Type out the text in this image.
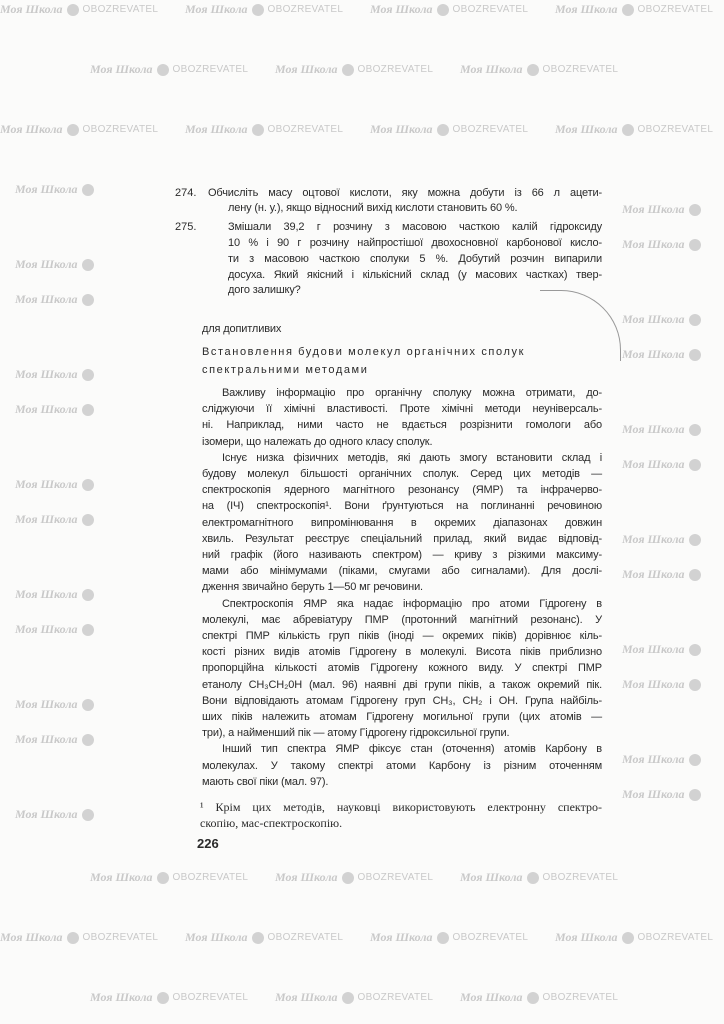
Моя Школа OBOZREVATEL Моя Школа OBOZREVATEL Моя Школа OBOZREVATEL Моя Школа OBOZREVATEL
Моя Школа OBOZREVATEL Моя Школа OBOZREVATEL Моя Школа OBOZREVATEL
Моя Школа OBOZREVATEL Моя Школа OBOZREVATEL Моя Школа OBOZREVATEL Моя Школа OBOZREVATEL
Моя Школа OBOZREVATEL Моя Школа OBOZREVATEL Моя Школа OBOZREVATEL
Моя Школа OBOZREVATEL Моя Школа OBOZREVATEL Моя Школа OBOZREVATEL Моя Школа OBOZREVATEL
Моя Школа OBOZREVATEL Моя Школа OBOZREVATEL Моя Школа OBOZREVATEL
Моя Школа
Моя Школа
Моя Школа
Моя Школа
Моя Школа
Моя Школа
Моя Школа
Моя Школа
Моя Школа
Моя Школа
Моя Школа
Моя Школа
Моя Школа
Моя Школа
Моя Школа
Моя Школа
Моя Школа
Моя Школа
Моя Школа
Моя Школа
Моя Школа
Моя Школа
Моя Школа
Моя Школа
274. Обчисліть масу оцтової кислоти, яку можна добути із 66 л ацети-
лену (н. у.), якщо відносний вихід кислоти становить 60 %.
275.	Змішали 39,2 г розчину з масовою часткою калій гідроксиду
10 % і 90 г розчину найпростішої двохосновної карбонової кисло-
ти з масовою часткою сполуки 5 %. Добутий розчин випарили
досуха. Який якісний і кількісний склад (у масових частках) твер-
дого залишку?
для допитливих
Встановлення будови молекул органічних сполук
спектральними методами
Важливу інформацію про органічну сполуку можна отримати, до-
сліджуючи її хімічні властивості. Проте хімічні методи неуніверсаль-
ні. Наприклад, ними часто не вдається розрізнити гомологи або
ізомери, що належать до одного класу сполук.
Існує низка фізичних методів, які дають змогу встановити склад і
будову молекул більшості органічних сполук. Серед цих методів —
спектроскопія ядерного магнітного резонансу (ЯМР) та інфрачерво-
на (ІЧ) спектроскопія¹. Вони ґрунтуються на поглинанні речовиною
електромагнітного випромінювання в окремих діапазонах довжин
хвиль. Результат реєструє спеціальний прилад, який видає відповід-
ний графік (його називають спектром) — криву з різкими максиму-
мами або мінімумами (піками, смугами або сигналами). Для дослі-
дження звичайно беруть 1—50 мг речовини.
Спектроскопія ЯМР яка надає інформацію про атоми Гідрогену в
молекулі, має абревіатуру ПМР (протонний магнітний резонанс). У
спектрі ПМР кількість груп піків (іноді — окремих піків) дорівнює кіль-
кості різних видів атомів Гідрогену в молекулі. Висота піків приблизно
пропорційна кількості атомів Гідрогену кожного виду. У спектрі ПМР
етанолу CH₃CH₂0H (мал. 96) наявні дві групи піків, а також окремий пік.
Вони відповідають атомам Гідрогену груп CH₃, CH₂ і OH. Група найбіль-
ших піків належить атомам Гідрогену могильної групи (цих атомів —
три), а найменший пік — атому Гідрогену гідроксильної групи.
Інший тип спектра ЯМР фіксує стан (оточення) атомів Карбону в
молекулах. У такому спектрі атоми Карбону із різним оточенням
мають свої піки (мал. 97).
¹ Крім цих методів, науковці використовують електронну спектро-
скопію, мас-спектроскопію.
226
